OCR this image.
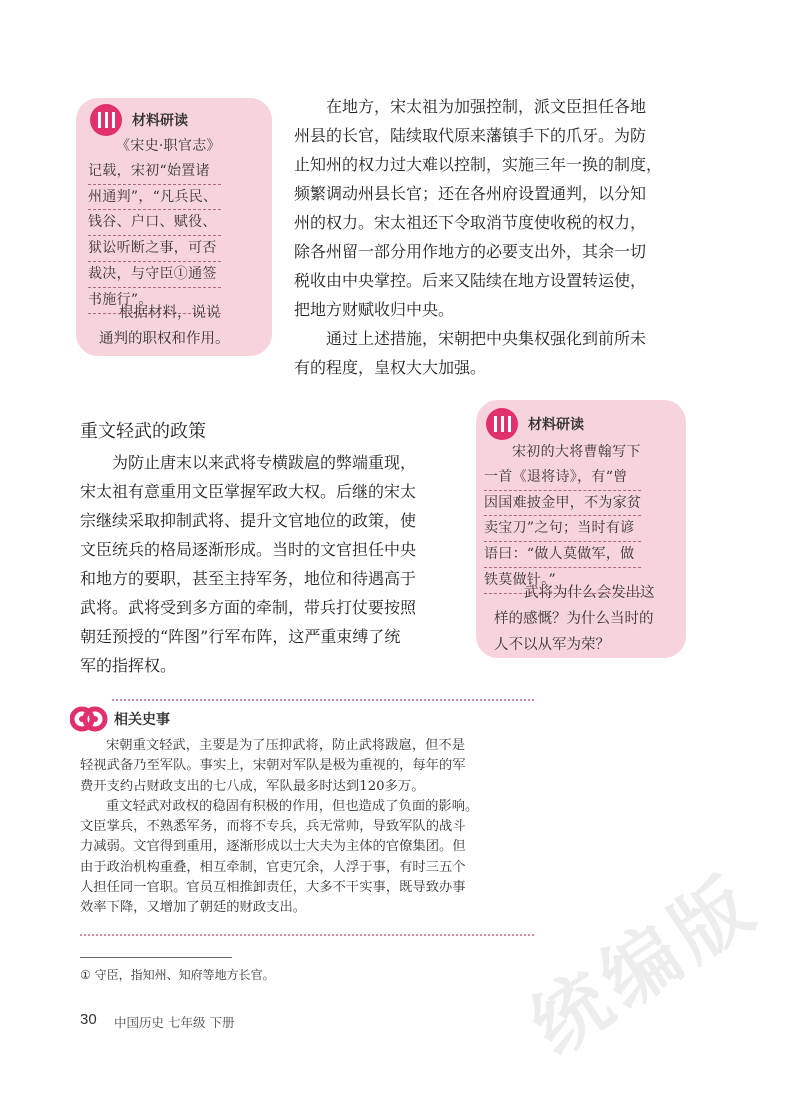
材料研读
《宋史·职官志》
记载，宋初“始置诸
州通判”，“凡兵民、
钱谷、户口、赋役、
狱讼听断之事，可否
裁决，与守臣①通签
书施行”。
根据材料，说说
通判的职权和作用。
在地方，宋太祖为加强控制，派文臣担任各地
州县的长官，陆续取代原来藩镇手下的爪牙。为防
止知州的权力过大难以控制，实施三年一换的制度，
频繁调动州县长官；还在各州府设置通判，以分知
州的权力。宋太祖还下令取消节度使收税的权力，
除各州留一部分用作地方的必要支出外，其余一切
税收由中央掌控。后来又陆续在地方设置转运使，
把地方财赋收归中央。
通过上述措施，宋朝把中央集权强化到前所未
有的程度，皇权大大加强。
重文轻武的政策
为防止唐末以来武将专横跋扈的弊端重现，
宋太祖有意重用文臣掌握军政大权。后继的宋太
宗继续采取抑制武将、提升文官地位的政策，使
文臣统兵的格局逐渐形成。当时的文官担任中央
和地方的要职，甚至主持军务，地位和待遇高于
武将。武将受到多方面的牵制，带兵打仗要按照
朝廷预授的“阵图”行军布阵，这严重束缚了统
军的指挥权。
材料研读
宋初的大将曹翰写下
一首《退将诗》，有“曾
因国难披金甲，不为家贫
卖宝刀”之句；当时有谚
语曰：“做人莫做军，做
铁莫做针。”
武将为什么会发出这
样的感慨？为什么当时的
人不以从军为荣？
相关史事
宋朝重文轻武，主要是为了压抑武将，防止武将跋扈，但不是
轻视武备乃至军队。事实上，宋朝对军队是极为重视的，每年的军
费开支约占财政支出的七八成，军队最多时达到120多万。
重文轻武对政权的稳固有积极的作用，但也造成了负面的影响。
文臣掌兵，不熟悉军务，而将不专兵，兵无常帅，导致军队的战斗
力减弱。文官得到重用，逐渐形成以士大夫为主体的官僚集团。但
由于政治机构重叠，相互牵制，官吏冗余，人浮于事，有时三五个
人担任同一官职。官员互相推卸责任，大多不干实事，既导致办事
效率下降，又增加了朝廷的财政支出。
① 守臣，指知州、知府等地方长官。
30 中国历史 七年级 下册	统编版
